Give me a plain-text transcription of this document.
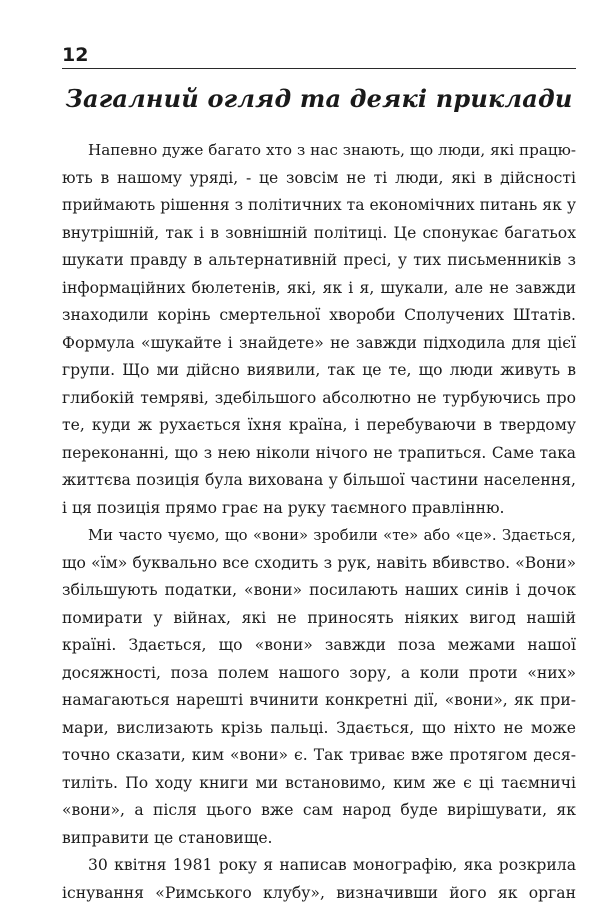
12
Загалний огляд та деякі приклади
Напевно дуже багато хто з нас знають, що люди, які працю-
ють в нашому уряді, - це зовсім не ті люди, які в дійсності
приймають рішення з політичних та економічних питань як у
внутрішній, так і в зовнішній політиці. Це спонукає багатьох
шукати правду в альтернативній пресі, у тих письменників з
інформаційних бюлетенів, які, як і я, шукали, але не завжди
знаходили корінь смертельної хвороби Сполучених Штатів.
Формула «шукайте і знайдете» не завжди підходила для цієї
групи. Що ми дійсно виявили, так це те, що люди живуть в
глибокій темряві, здебільшого абсолютно не турбуючись про
те, куди ж рухається їхня країна, і перебуваючи в твердому
переконанні, що з нею ніколи нічого не трапиться. Саме така
життєва позиція була вихована у більшої частини населення,
і ця позиція прямо грає на руку таємного правлінню.
Ми часто чуємо, що «вони» зробили «те» або «це». Здається,
що «їм» буквально все сходить з рук, навіть вбивство. «Вони»
збільшують податки, «вони» посилають наших синів і дочок
помирати у війнах, які не приносять ніяких вигод нашій
країні. Здається, що «вони» завжди поза межами нашої
досяжності, поза полем нашого зору, а коли проти «них»
намагаються нарешті вчинити конкретні дії, «вони», як при-
мари, вислизають крізь пальці. Здається, що ніхто не може
точно сказати, ким «вони» є. Так триває вже протягом деся-
тиліть. По ходу книги ми встановимо, ким же є ці таємничі
«вони», а після цього вже сам народ буде вирішувати, як
виправити це становище.
30 квітня 1981 року я написав монографію, яка розкрила
існування «Римського клубу», визначивши його як орган
